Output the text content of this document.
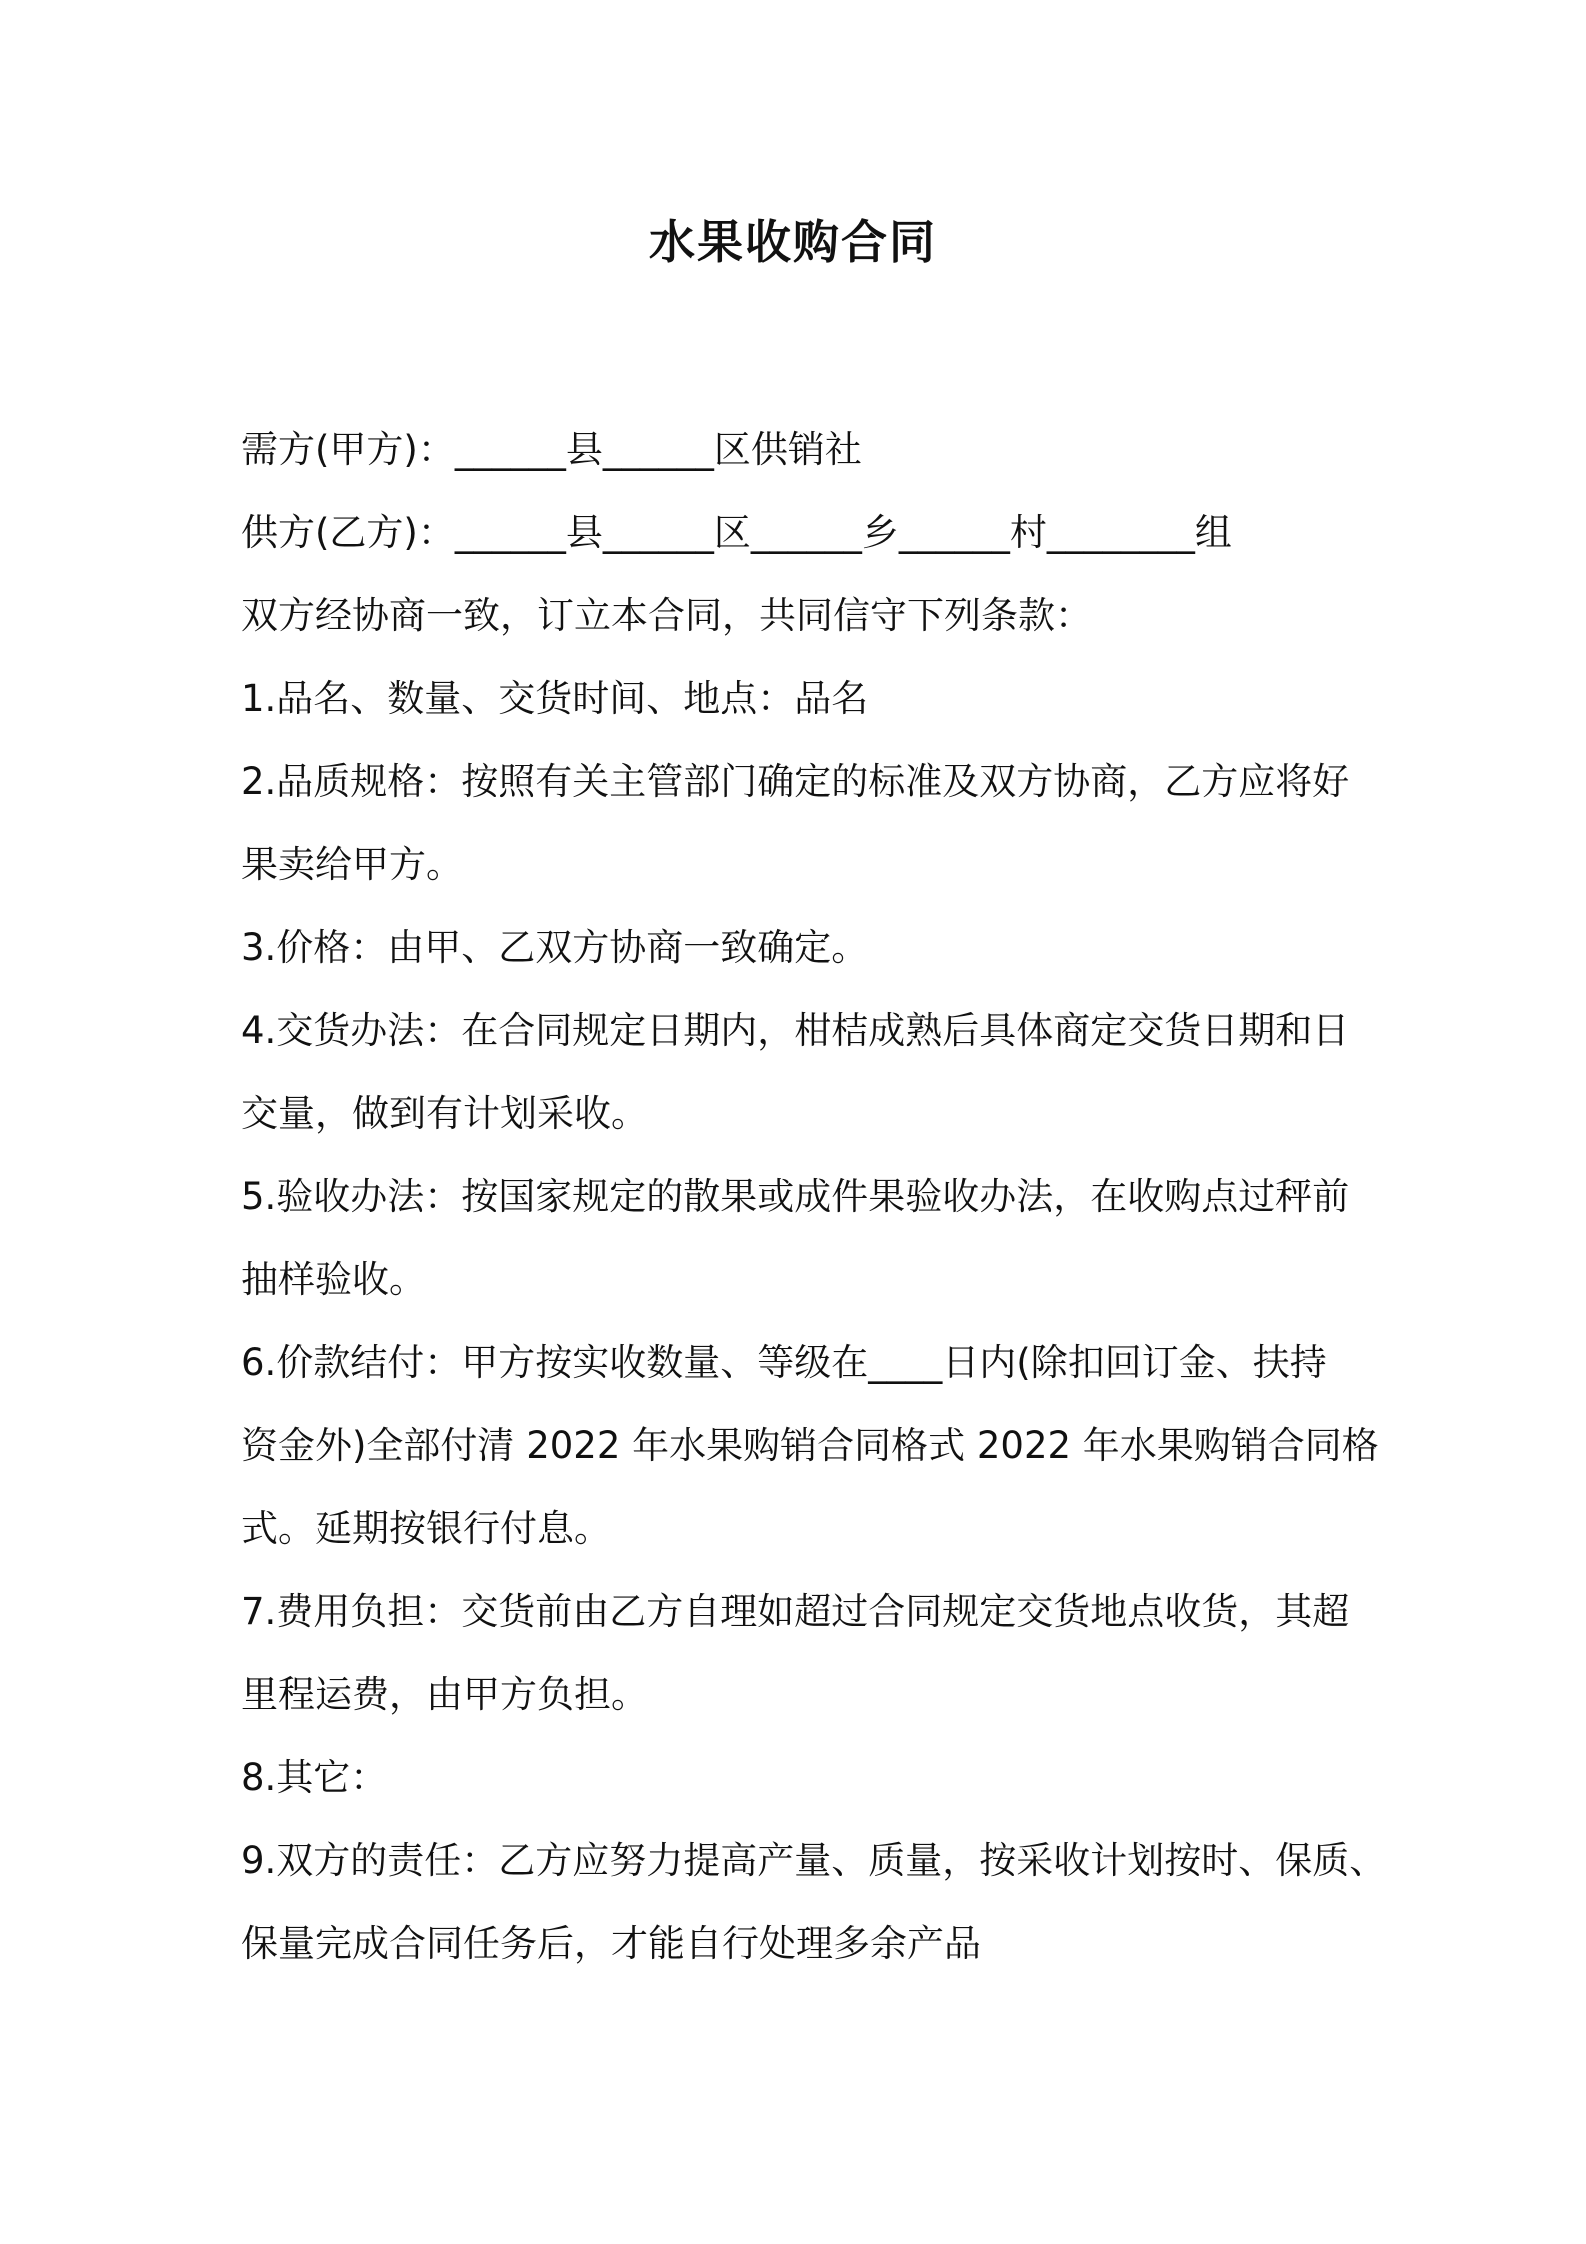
水果收购合同
需方(甲方)：______县______区供销社
供方(乙方)：______县______区______乡______村________组
双方经协商一致，订立本合同，共同信守下列条款：
1.品名、数量、交货时间、地点：品名
2.品质规格：按照有关主管部门确定的标准及双方协商，乙方应将好
果卖给甲方。
3.价格：由甲、乙双方协商一致确定。
4.交货办法：在合同规定日期内，柑桔成熟后具体商定交货日期和日
交量，做到有计划采收。
5.验收办法：按国家规定的散果或成件果验收办法，在收购点过秤前
抽样验收。
6.价款结付：甲方按实收数量、等级在____日内(除扣回订金、扶持
资金外)全部付清 2022 年水果购销合同格式 2022 年水果购销合同格
式。延期按银行付息。
7.费用负担：交货前由乙方自理如超过合同规定交货地点收货，其超
里程运费，由甲方负担。
8.其它：
9.双方的责任：乙方应努力提高产量、质量，按采收计划按时、保质、
保量完成合同任务后，才能自行处理多余产品
